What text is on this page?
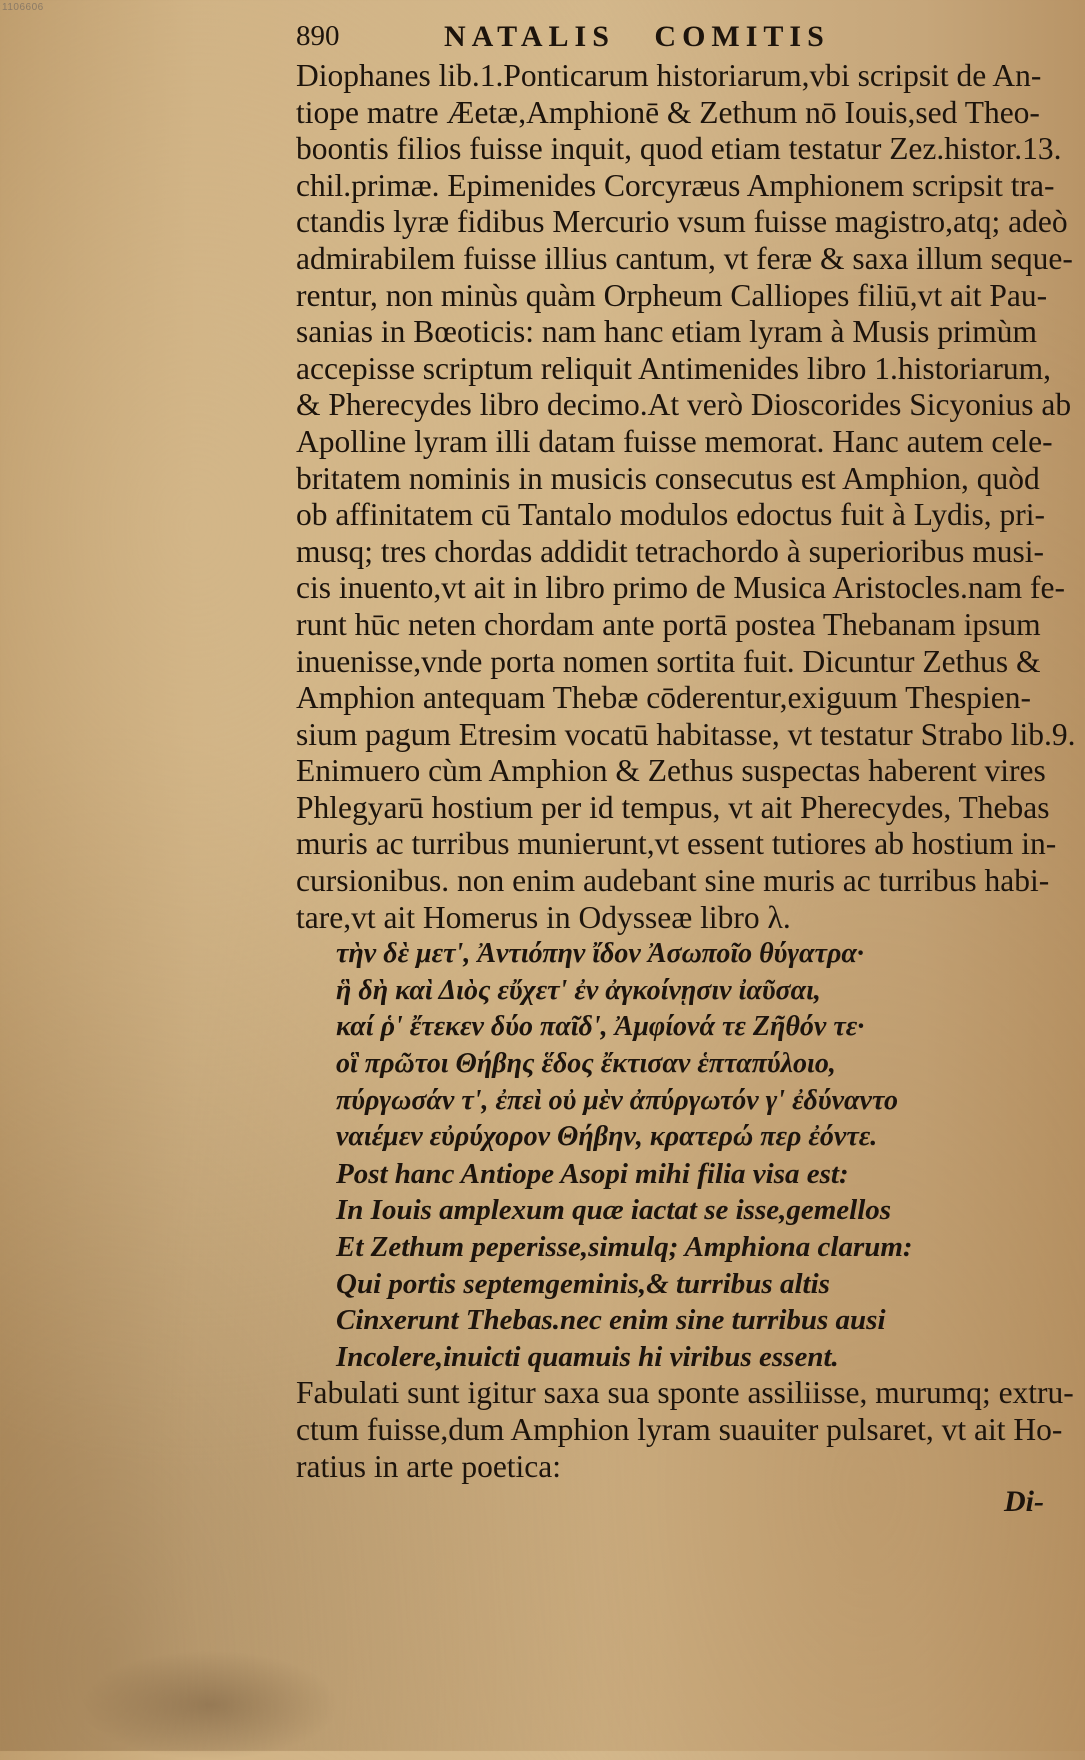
1106606
890	NATALIS COMITIS
Diophanes lib.1.Ponticarum historiarum,vbi scripsit de An-
tiope matre Æetæ,Amphionē & Zethum nō Iouis,sed Theo-
boontis filios fuisse inquit, quod etiam testatur Zez.histor.13.
chil.primæ. Epimenides Corcyræus Amphionem scripsit tra-
ctandis lyræ fidibus Mercurio vsum fuisse magistro,atq; adeò
admirabilem fuisse illius cantum, vt feræ & saxa illum seque-
rentur, non minùs quàm Orpheum Calliopes filiū,vt ait Pau-
sanias in Bœoticis: nam hanc etiam lyram à Musis primùm
accepisse scriptum reliquit Antimenides libro 1.historiarum,
& Pherecydes libro decimo.At verò Dioscorides Sicyonius ab
Apolline lyram illi datam fuisse memorat. Hanc autem cele-
britatem nominis in musicis consecutus est Amphion, quòd
ob affinitatem cū Tantalo modulos edoctus fuit à Lydis, pri-
musq; tres chordas addidit tetrachordo à superioribus musi-
cis inuento,vt ait in libro primo de Musica Aristocles.nam fe-
runt hūc neten chordam ante portā postea Thebanam ipsum
inuenisse,vnde porta nomen sortita fuit. Dicuntur Zethus &
Amphion antequam Thebæ cōderentur,exiguum Thespien-
sium pagum Etresim vocatū habitasse, vt testatur Strabo lib.9.
Enimuero cùm Amphion & Zethus suspectas haberent vires
Phlegyarū hostium per id tempus, vt ait Pherecydes, Thebas
muris ac turribus munierunt,vt essent tutiores ab hostium in-
cursionibus. non enim audebant sine muris ac turribus habi-
tare,vt ait Homerus in Odysseæ libro λ.
τὴν δὲ μετ', Ἀντιόπην ἴδον Ἀσωποῖο θύγατρα·
ἣ δὴ καὶ Διὸς εὔχετ' ἐν ἀγκοίνῃσιν ἰαῦσαι,
καί ῥ' ἔτεκεν δύο παῖδ', Ἀμφίονά τε Ζῆθόν τε·
οἳ πρῶτοι Θήβης ἕδος ἔκτισαν ἑπταπύλοιο,
πύργωσάν τ', ἐπεὶ οὐ μὲν ἀπύργωτόν γ' ἐδύναντο
ναιέμεν εὐρύχορον Θήβην, κρατερώ περ ἐόντε.
Post hanc Antiope Asopi mihi filia visa est:
In Iouis amplexum quæ iactat se isse,gemellos
Et Zethum peperisse,simulq; Amphiona clarum:
Qui portis septemgeminis,& turribus altis
Cinxerunt Thebas.nec enim sine turribus ausi
Incolere,inuicti quamuis hi viribus essent.
Fabulati sunt igitur saxa sua sponte assiliisse, murumq; extru-
ctum fuisse,dum Amphion lyram suauiter pulsaret, vt ait Ho-
ratius in arte poetica:
Di-
